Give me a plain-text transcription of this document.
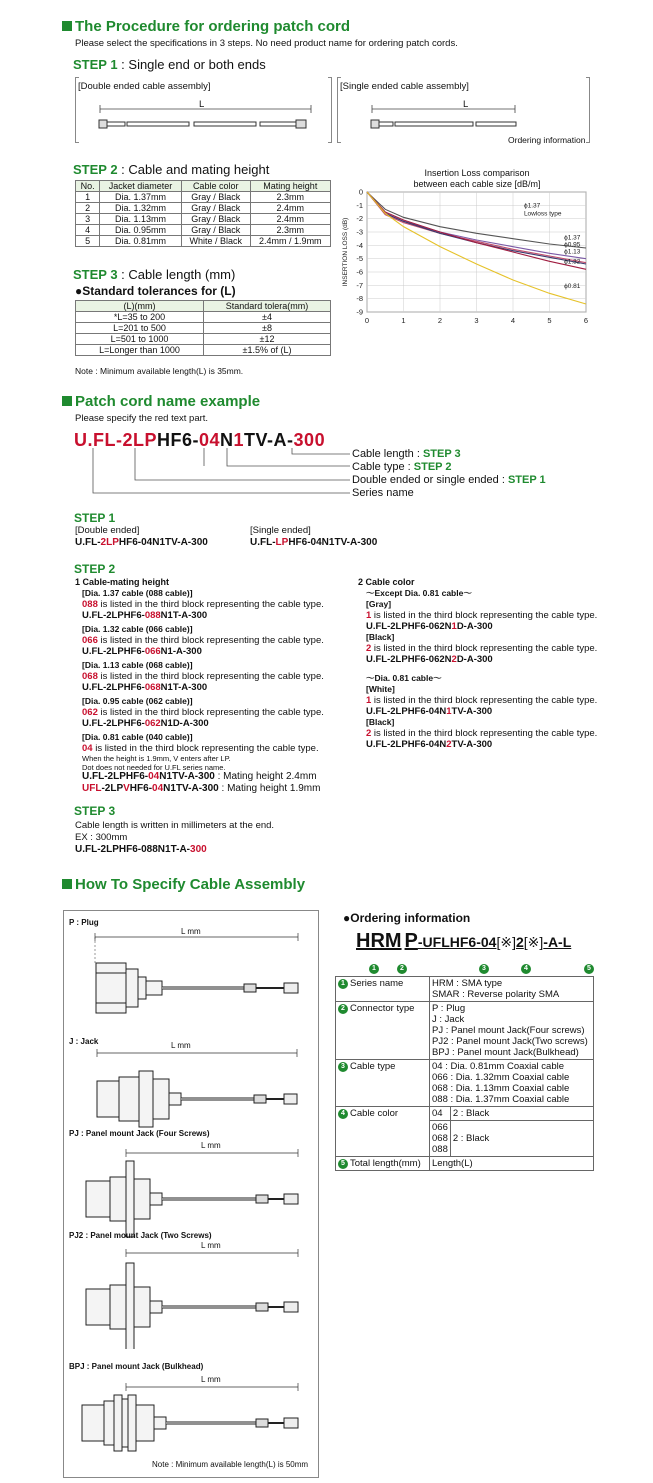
The Procedure for ordering patch cord
Please select the specifications in 3 steps. No need product name for ordering patch cords.
STEP 1 : Single end or both ends
[Double ended cable assembly]
L
[Single ended cable assembly]
L
Ordering information
STEP 2 : Cable and mating height
No.	Jacket diameter	Cable color	Mating height
1	Dia. 1.37mm	Gray / Black	2.3mm
2	Dia. 1.32mm	Gray / Black	2.4mm
3	Dia. 1.13mm	Gray / Black	2.4mm
4	Dia. 0.95mm	Gray / Black	2.3mm
5	Dia. 0.81mm	White / Black	2.4mm / 1.9mm
STEP 3 : Cable length (mm)
●Standard tolerances for (L)
(L)(mm)	Standard tolera(mm)
*L=35 to 200	±4
L=201 to 500	±8
L=501 to 1000	±12
L=Longer than 1000	±1.5% of (L)
Note : Minimum available length(L) is 35mm.
Insertion Loss comparison
between each cable size [dB/m]
0	1	2	3	4	5	6
0
-1
-2
-3
-4
-5
-6
-7
-8
-9
INSERTION LOSS (dB)
ϕ1.37
Lowloss type
ϕ1.37
ϕ0.95
ϕ1.13
ϕ1.32
ϕ0.81
Patch cord name example
Please specify the red text part.
U.FL-2LPHF6-04N1TV-A-300
Cable length : STEP 3
Cable type : STEP 2
Double ended or single ended : STEP 1
Series name
STEP 1
[Double ended]
U.FL-2LPHF6-04N1TV-A-300
[Single ended]
U.FL-LPHF6-04N1TV-A-300
STEP 2
1 Cable-mating height
[Dia. 1.37 cable (088 cable)]
088 is listed in the third block representing the cable type.
U.FL-2LPHF6-088N1T-A-300
[Dia. 1.32 cable (066 cable)]
066 is listed in the third block representing the cable type.
U.FL-2LPHF6-066N1-A-300
[Dia. 1.13 cable (068 cable)]
068 is listed in the third block representing the cable type.
U.FL-2LPHF6-068N1T-A-300
[Dia. 0.95 cable (062 cable)]
062 is listed in the third block representing the cable type.
U.FL-2LPHF6-062N1D-A-300
[Dia. 0.81 cable (040 cable)]
04 is listed in the third block representing the cable type.
When the height is 1.9mm, V enters after LP.
Dot does not needed for U.FL series name.
U.FL-2LPHF6-04N1TV-A-300 : Mating height 2.4mm
UFL-2LPVHF6-04N1TV-A-300 : Mating height 1.9mm
2 Cable color
～Except Dia. 0.81 cable～
[Gray]
1 is listed in the third block representing the cable type.
U.FL-2LPHF6-062N1D-A-300
[Black]
2 is listed in the third block representing the cable type.
U.FL-2LPHF6-062N2D-A-300
～Dia. 0.81 cable～
[White]
1 is listed in the third block representing the cable type.
U.FL-2LPHF6-04N1TV-A-300
[Black]
2 is listed in the third block representing the cable type.
U.FL-2LPHF6-04N2TV-A-300
STEP 3
Cable length is written in millimeters at the end.
EX : 300mm
U.FL-2LPHF6-088N1T-A-300
How To Specify Cable Assembly
P : Plug
L mm
J : Jack	L mm
PJ : Panel mount Jack (Four Screws)
L mm
PJ2 : Panel mount Jack (Two Screws)
L mm
BPJ : Panel mount Jack (Bulkhead)
L mm
Note : Minimum available length(L) is 50mm
●Ordering information
HRM P-UFLHF6-04[※]2[※]-A-L
1	2	3	4	5
1 Series name	HRM : SMA type
SMAR : Reverse polarity SMA	

2 Connector type	P : Plug
J : Jack
PJ : Panel mount Jack(Four screws)
PJ2 : Panel mount Jack(Two screws)
BPJ : Panel mount Jack(Bulkhead)	

3 Cable type	04 : Dia. 0.81mm Coaxial cable
066 : Dia. 1.32mm Coaxial cable
068 : Dia. 1.13mm Coaxial cable
088 : Dia. 1.37mm Coaxial cable	

4 Cable color	04	2 : Black

	066
068
088	2 : Black
5 Total length(mm)	Length(L)	
